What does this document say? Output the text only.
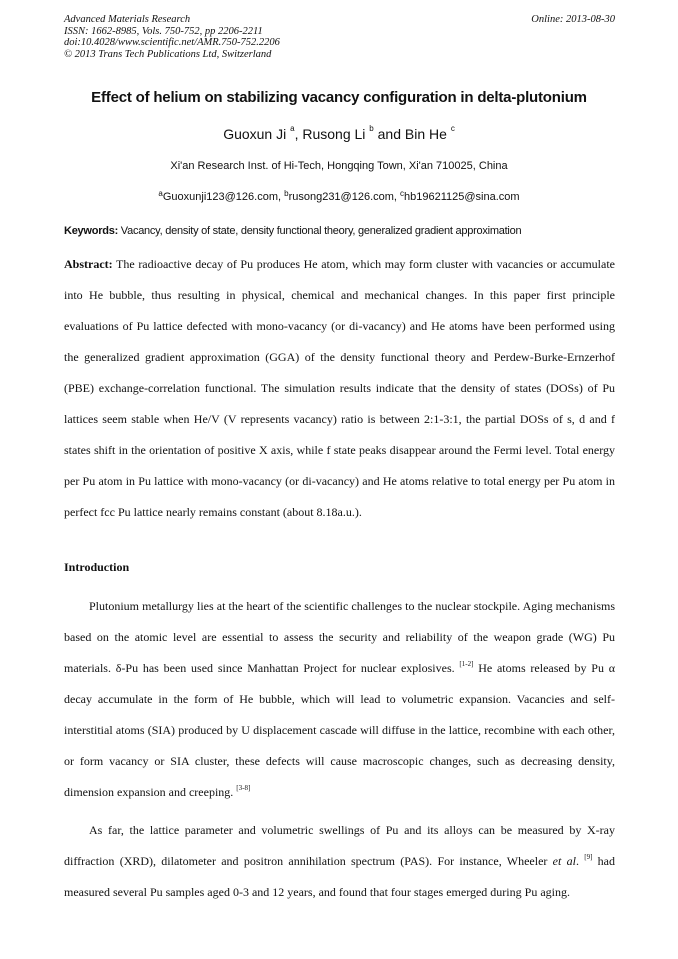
Advanced Materials Research
ISSN: 1662-8985, Vols. 750-752, pp 2206-2211
doi:10.4028/www.scientific.net/AMR.750-752.2206
© 2013 Trans Tech Publications Ltd, Switzerland
Online: 2013-08-30
Effect of helium on stabilizing vacancy configuration in delta-plutonium
Guoxun Ji $^a$, Rusong Li $^b$ and Bin He $^c$
Xi'an Research Inst. of Hi-Tech, Hongqing Town, Xi'an 710025, China
$^a$Guoxunji123@126.com, $^b$rusong231@126.com, $^c$hb19621125@sina.com
Keywords: Vacancy, density of state, density functional theory, generalized gradient approximation
Abstract: The radioactive decay of Pu produces He atom, which may form cluster with vacancies or accumulate into He bubble, thus resulting in physical, chemical and mechanical changes. In this paper first principle evaluations of Pu lattice defected with mono-vacancy (or di-vacancy) and He atoms have been performed using the generalized gradient approximation (GGA) of the density functional theory and Perdew-Burke-Ernzerhof (PBE) exchange-correlation functional. The simulation results indicate that the density of states (DOSs) of Pu lattices seem stable when He/V (V represents vacancy) ratio is between 2:1-3:1, the partial DOSs of s, d and f states shift in the orientation of positive X axis, while f state peaks disappear around the Fermi level. Total energy per Pu atom in Pu lattice with mono-vacancy (or di-vacancy) and He atoms relative to total energy per Pu atom in perfect fcc Pu lattice nearly remains constant (about 8.18a.u.).
Introduction
Plutonium metallurgy lies at the heart of the scientific challenges to the nuclear stockpile. Aging mechanisms based on the atomic level are essential to assess the security and reliability of the weapon grade (WG) Pu materials. δ-Pu has been used since Manhattan Project for nuclear explosives. [1-2] He atoms released by Pu α decay accumulate in the form of He bubble, which will lead to volumetric expansion. Vacancies and self-interstitial atoms (SIA) produced by U displacement cascade will diffuse in the lattice, recombine with each other, or form vacancy or SIA cluster, these defects will cause macroscopic changes, such as decreasing density, dimension expansion and creeping. [3-8]
As far, the lattice parameter and volumetric swellings of Pu and its alloys can be measured by X-ray diffraction (XRD), dilatometer and positron annihilation spectrum (PAS). For instance, Wheeler et al. [9] had measured several Pu samples aged 0-3 and 12 years, and found that four stages emerged during Pu aging.
